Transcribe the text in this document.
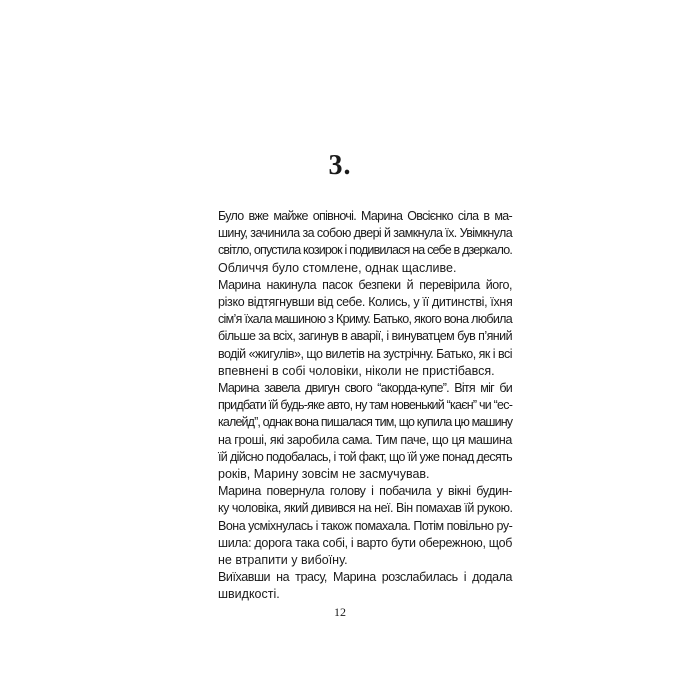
3.

Було вже майже опівночі. Марина Овсієнко сіла в ма-
шину, зачинила за собою двері й замкнула їх. Увімкнула
світло, опустила козирок і подивилася на себе в дзеркало.
Обличчя було стомлене, однак щасливе.

Марина накинула пасок безпеки й перевірила його,
різко відтягнувши від себе. Колись, у її дитинстві, їхня
сім’я їхала машиною з Криму. Батько, якого вона любила
більше за всіх, загинув в аварії, і винуватцем був п’яний
водій «жигулів», що вилетів на зустрічну. Батько, як і всі
впевнені в собі чоловіки, ніколи не пристібався.

Марина завела двигун свого “акорда-купе”. Вітя міг би
придбати їй будь-яке авто, ну там новенький “каєн” чи “ес-
калейд”, однак вона пишалася тим, що купила цю машину
на гроші, які заробила сама. Тим паче, що ця машина
їй дійсно подобалась, і той факт, що їй уже понад десять
років, Марину зовсім не засмучував.

Марина повернула голову і побачила у вікні будин-
ку чоловіка, який дивився на неї. Він помахав їй рукою.
Вона усміхнулась і також помахала. Потім повільно ру-
шила: дорога така собі, і варто бути обережною, щоб
не втрапити у вибоїну.

Виїхавши на трасу, Марина розслабилась і додала
швидкості.

12
